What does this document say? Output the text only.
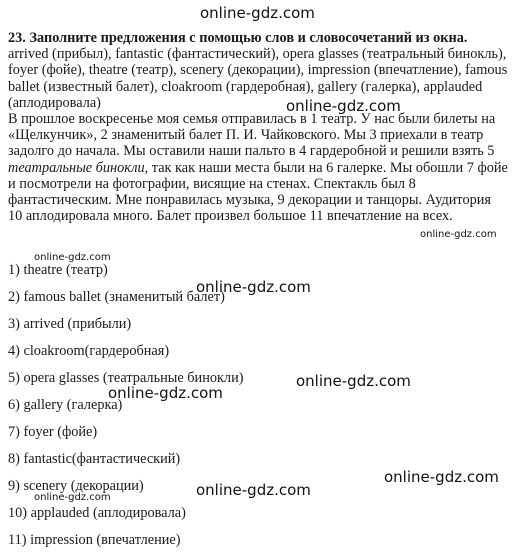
online-gdz.com

23. Заполните предложения с помощью слов и словосочетаний из окна. arrived (прибыл), fantastic (фантастический), opera glasses (театральный бинокль), foyer (фойе), theatre (театр), scenery (декорации), impression (впечатление), famous ballet (известный балет), cloakroom (гардеробная), gallery (галерка), applauded (аплодировала)

В прошлое воскресенье моя семья отправилась в 1 театр. У нас были билеты на «Щелкунчик», 2 знаменитый балет П. И. Чайковского. Мы 3 приехали в театр задолго до начала. Мы оставили наши пальто в 4 гардеробной и решили взять 5 театральные бинокли, так как наши места были на 6 галерке. Мы обошли 7 фойе и посмотрели на фотографии, висящие на стенах. Спектакль был 8 фантастическим. Мне понравилась музыка, 9 декорации и танцоры. Аудитория 10 аплодировала много. Балет произвел большое 11 впечатление на всех.

1) theatre (театр)
2) famous ballet (знаменитый балет)
3) arrived (прибыли)
4) cloakroom(гардеробная)
5) opera glasses (театральные бинокли)
6) gallery (галерка)
7) foyer (фойе)
8) fantastic(фантастический)
9) scenery (декорации)
10) applauded (аплодировала)
11) impression (впечатление)
online-gdz.com
online-gdz.com
online-gdz.com
online-gdz.com
online-gdz.com
online-gdz.com
online-gdz.com
online-gdz.com
online-gdz.com
